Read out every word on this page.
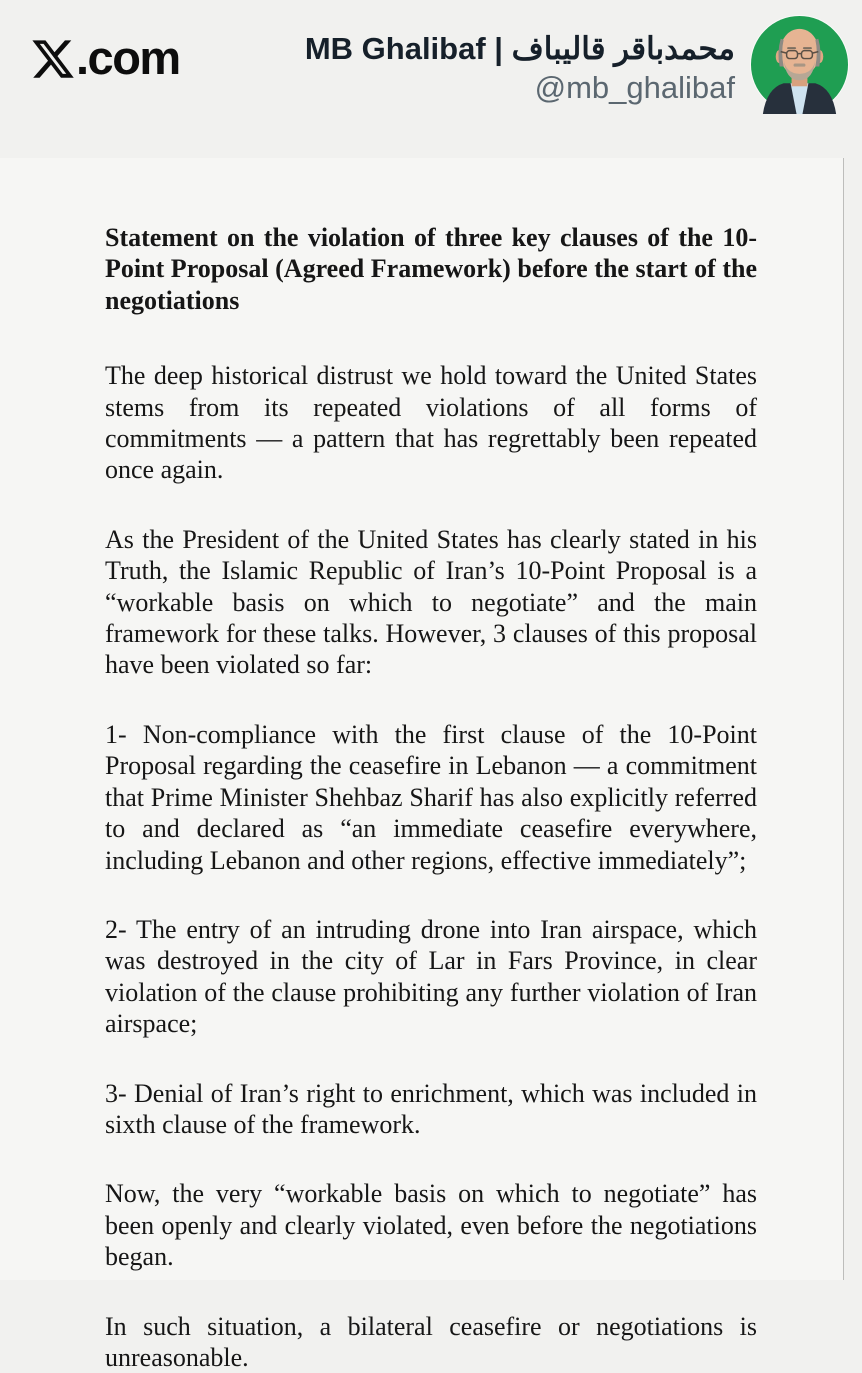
.com	محمدباقر قالیباف | MB Ghalibaf
@mb_ghalibaf
Statement on the violation of three key clauses of the 10-Point Proposal (Agreed Framework) before the start of the negotiations

The deep historical distrust we hold toward the United States stems from its repeated violations of all forms of commitments — a pattern that has regrettably been repeated once again.

As the President of the United States has clearly stated in his Truth, the Islamic Republic of Iran’s 10-Point Proposal is a “workable basis on which to negotiate” and the main framework for these talks. However, 3 clauses of this proposal have been violated so far:

1- Non-compliance with the first clause of the 10-Point Proposal regarding the ceasefire in Lebanon — a commitment that Prime Minister Shehbaz Sharif has also explicitly referred to and declared as “an immediate ceasefire everywhere, including Lebanon and other regions, effective immediately”;

2- The entry of an intruding drone into Iran airspace, which was destroyed in the city of Lar in Fars Province, in clear violation of the clause prohibiting any further violation of Iran airspace;

3- Denial of Iran’s right to enrichment, which was included in sixth clause of the framework.

Now, the very “workable basis on which to negotiate” has been openly and clearly violated, even before the negotiations began.

In such situation, a bilateral ceasefire or negotiations is unreasonable.
